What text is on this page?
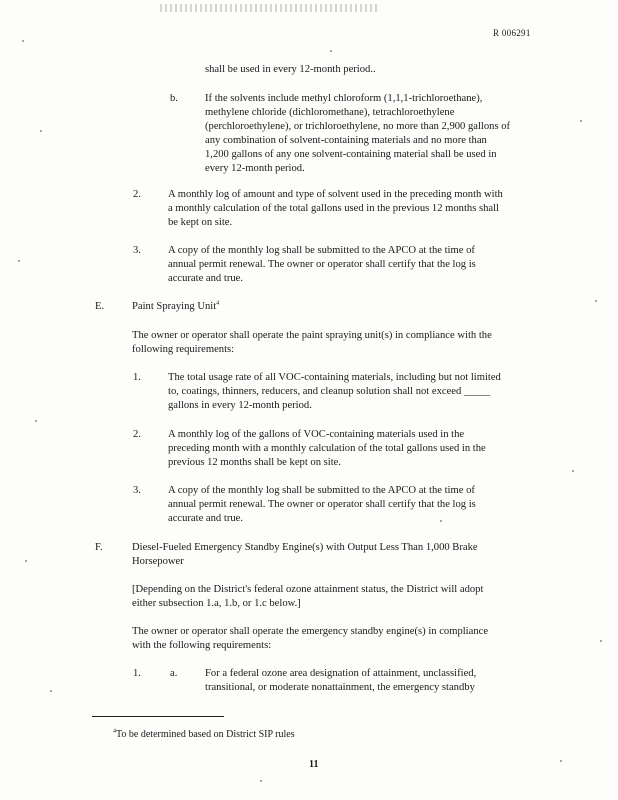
R 006291
shall be used in every 12-month period..
b.	If the solvents include methyl chloroform (1,1,1-trichloroethane),
methylene chloride (dichloromethane), tetrachloroethylene
(perchloroethylene), or trichloroethylene, no more than 2,900 gallons of
any combination of solvent-containing materials and no more than
1,200 gallons of any one solvent-containing material shall be used in
every 12-month period.
2.	A monthly log of amount and type of solvent used in the preceding month with
a monthly calculation of the total gallons used in the previous 12 months shall
be kept on site.
3.	A copy of the monthly log shall be submitted to the APCO at the time of
annual permit renewal. The owner or operator shall certify that the log is
accurate and true.
E.	Paint Spraying Unit$^4$
The owner or operator shall operate the paint spraying unit(s) in compliance with the
following requirements:
1.	The total usage rate of all VOC-containing materials, including but not limited
to, coatings, thinners, reducers, and cleanup solution shall not exceed _____
gallons in every 12-month period.
2.	A monthly log of the gallons of VOC-containing materials used in the
preceding month with a monthly calculation of the total gallons used in the
previous 12 months shall be kept on site.
3.	A copy of the monthly log shall be submitted to the APCO at the time of
annual permit renewal. The owner or operator shall certify that the log is
accurate and true.
F.	Diesel-Fueled Emergency Standby Engine(s) with Output Less Than 1,000 Brake
Horsepower
[Depending on the District's federal ozone attainment status, the District will adopt
either subsection 1.a, 1.b, or 1.c below.]
The owner or operator shall operate the emergency standby engine(s) in compliance
with the following requirements:
1.	a.	For a federal ozone area designation of attainment, unclassified,
transitional, or moderate nonattainment, the emergency standby
$^4$To be determined based on District SIP rules
11
